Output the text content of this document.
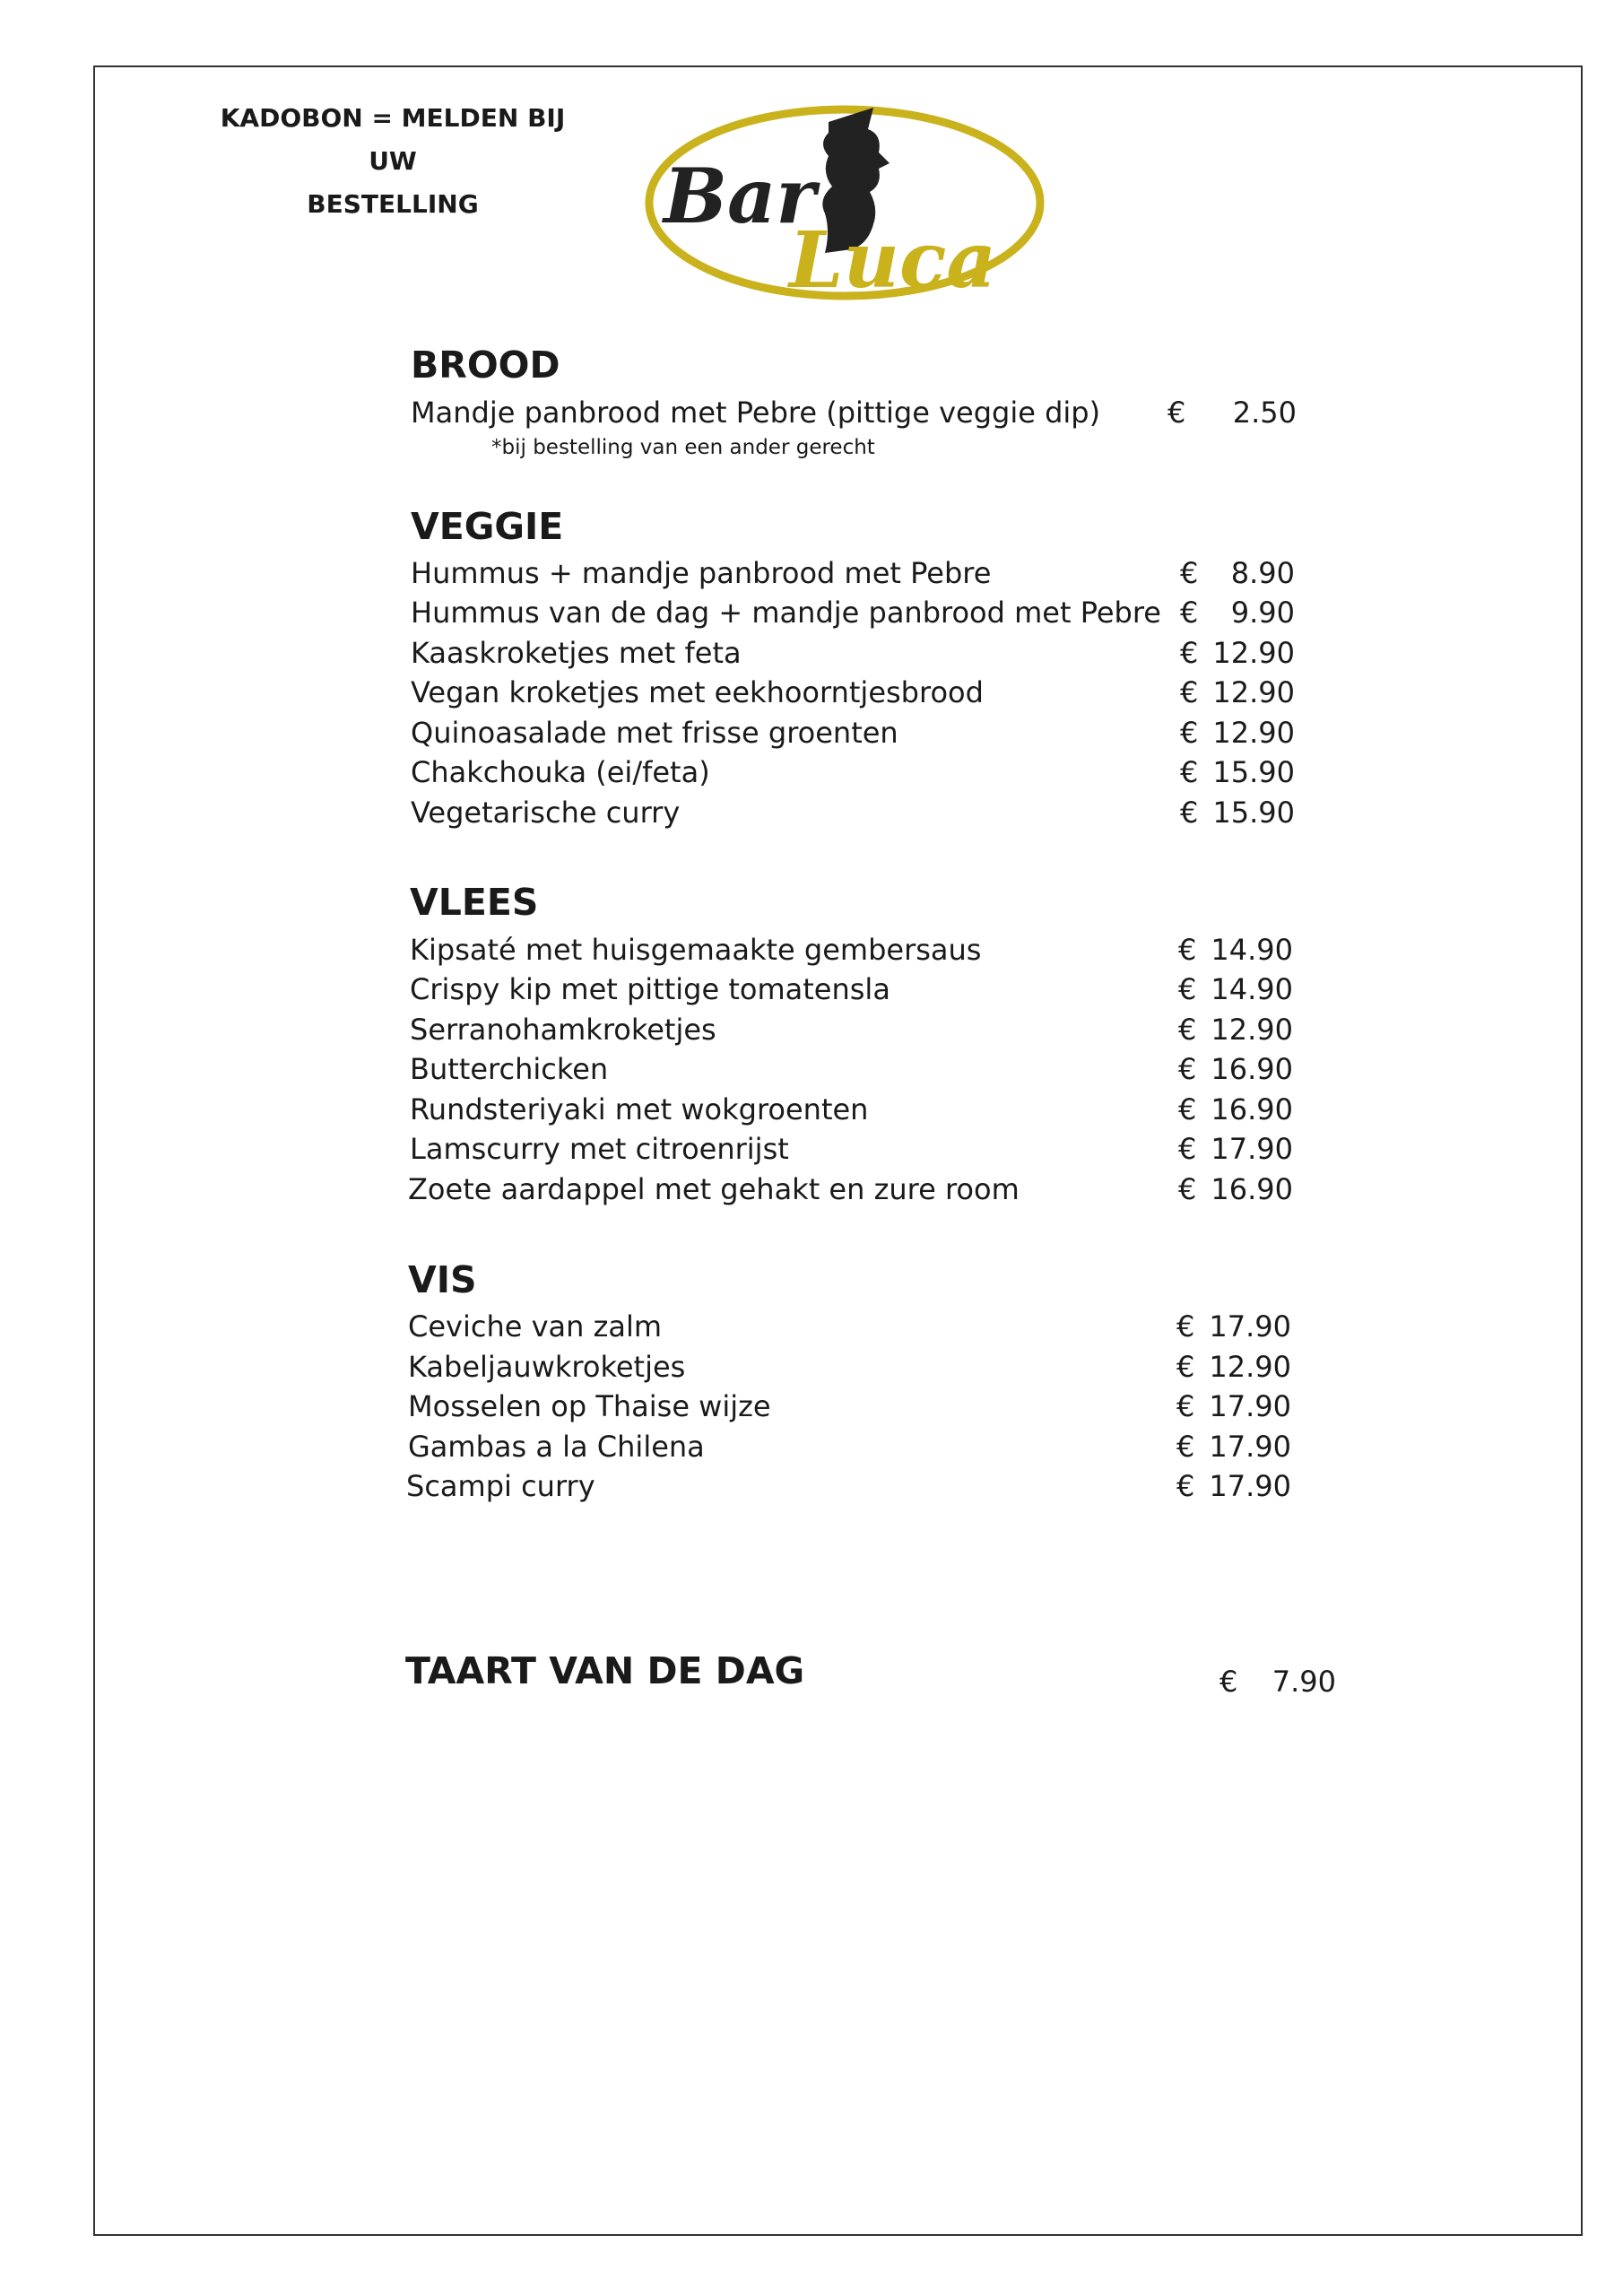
KADOBON = MELDEN BIJ UW
BESTELLING	Bar
Luca
BROOD
Mandje panbrood met Pebre (pittige veggie dip) €	2.50
*bij bestelling van een ander gerecht
VEGGIE
Hummus + mandje panbrood met Pebre	€	8.90
Hummus van de dag + mandje panbrood met Pebre €	9.90
Kaaskroketjes met feta	€ 12.90
Vegan kroketjes met eekhoorntjesbrood	€ 12.90
Quinoasalade met frisse groenten	€ 12.90
Chakchouka (ei/feta)	€ 15.90
Vegetarische curry	€ 15.90
VLEES
Kipsaté met huisgemaakte gembersaus	€ 14.90
Crispy kip met pittige tomatensla	€ 14.90
Serranohamkroketjes	€ 12.90
Butterchicken	€ 16.90
Rundsteriyaki met wokgroenten	€ 16.90
Lamscurry met citroenrijst	€ 17.90
Zoete aardappel met gehakt en zure room	€ 16.90
VIS
Ceviche van zalm	€ 17.90
Kabeljauwkroketjes	€ 12.90
Mosselen op Thaise wijze	€ 17.90
Gambas a la Chilena	€ 17.90
Scampi curry	€ 17.90
TAART VAN DE DAG	€	7.90
